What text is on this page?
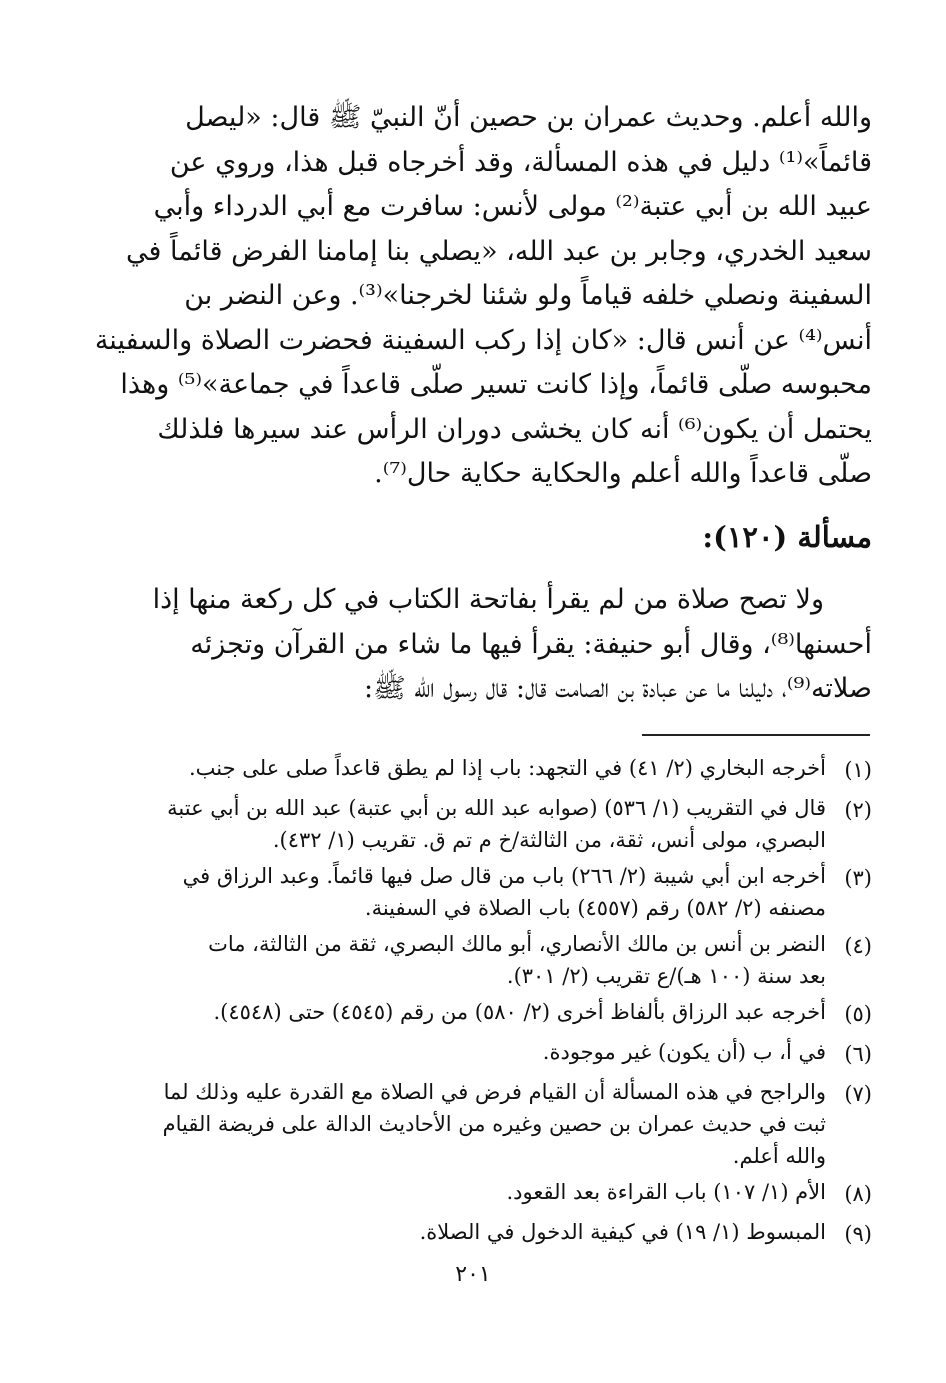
والله أعلم. وحديث عمران بن حصين أنّ النبيّ ﷺ قال: «ليصل
قائماً»⁽¹⁾ دليل في هذه المسألة، وقد أخرجاه قبل هذا، وروي عن
عبيد الله بن أبي عتبة⁽²⁾ مولى لأنس: سافرت مع أبي الدرداء وأبي
سعيد الخدري، وجابر بن عبد الله، «يصلي بنا إمامنا الفرض قائماً في
السفينة ونصلي خلفه قياماً ولو شئنا لخرجنا»⁽³⁾. وعن النضر بن
أنس⁽⁴⁾ عن أنس قال: «كان إذا ركب السفينة فحضرت الصلاة والسفينة
محبوسه صلّى قائماً، وإذا كانت تسير صلّى قاعداً في جماعة»⁽⁵⁾ وهذا
يحتمل أن يكون⁽⁶⁾ أنه كان يخشى دوران الرأس عند سيرها فلذلك
صلّى قاعداً والله أعلم والحكاية حكاية حال⁽⁷⁾.
مسألة (١٢٠):
ولا تصح صلاة من لم يقرأ بفاتحة الكتاب في كل ركعة منها إذا
أحسنها⁽⁸⁾، وقال أبو حنيفة: يقرأ فيها ما شاء من القرآن وتجزئه
صلاته⁽⁹⁾، دليلنا ما عن عبادة بن الصامت قال: قال رسول الله ﷺ:
(١)
أخرجه البخاري (٢/ ٤١) في التجهد: باب إذا لم يطق قاعداً صلى على جنب.
(٢)
قال في التقريب (١/ ٥٣٦) (صوابه عبد الله بن أبي عتبة) عبد الله بن أبي عتبة
البصري، مولى أنس، ثقة، من الثالثة/خ م تم ق. تقريب (١/ ٤٣٢).
(٣)
أخرجه ابن أبي شيبة (٢/ ٢٦٦) باب من قال صل فيها قائماً. وعبد الرزاق في
مصنفه (٢/ ٥٨٢) رقم (٤٥٥٧) باب الصلاة في السفينة.
(٤)
النضر بن أنس بن مالك الأنصاري، أبو مالك البصري، ثقة من الثالثة، مات
بعد سنة (١٠٠ هـ)/ع تقريب (٢/ ٣٠١).
(٥)
أخرجه عبد الرزاق بألفاظ أخرى (٢/ ٥٨٠) من رقم (٤٥٤٥) حتى (٤٥٤٨).
(٦)
في أ، ب (أن يكون) غير موجودة.
(٧)
والراجح في هذه المسألة أن القيام فرض في الصلاة مع القدرة عليه وذلك لما
ثبت في حديث عمران بن حصين وغيره من الأحاديث الدالة على فريضة القيام
والله أعلم.
(٨)
الأم (١/ ١٠٧) باب القراءة بعد القعود.
(٩)
المبسوط (١/ ١٩) في كيفية الدخول في الصلاة.
٢٠١
